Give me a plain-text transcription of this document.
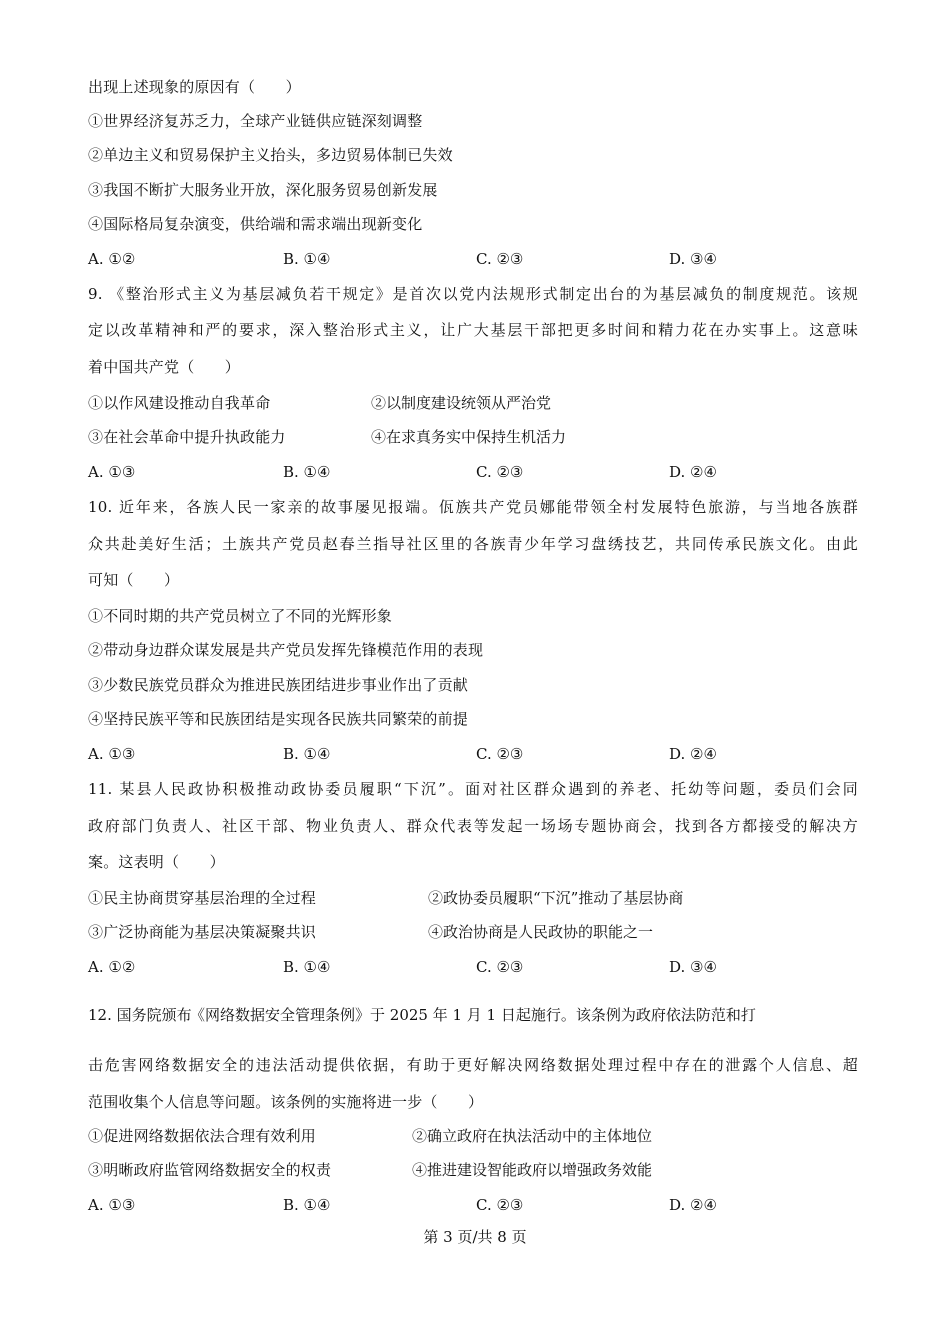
出现上述现象的原因有（　　）
①世界经济复苏乏力，全球产业链供应链深刻调整
②单边主义和贸易保护主义抬头，多边贸易体制已失效
③我国不断扩大服务业开放，深化服务贸易创新发展
④国际格局复杂演变，供给端和需求端出现新变化
A. ①②	B. ①④	C. ②③	D. ③④
9. 《整治形式主义为基层减负若干规定》是首次以党内法规形式制定出台的为基层减负的制度规范。该规
定以改革精神和严的要求，深入整治形式主义，让广大基层干部把更多时间和精力花在办实事上。这意味
着中国共产党（　　）
①以作风建设推动自我革命	②以制度建设统领从严治党
③在社会革命中提升执政能力	④在求真务实中保持生机活力
A. ①③	B. ①④	C. ②③	D. ②④
10. 近年来，各族人民一家亲的故事屡见报端。佤族共产党员娜能带领全村发展特色旅游，与当地各族群
众共赴美好生活；土族共产党员赵春兰指导社区里的各族青少年学习盘绣技艺，共同传承民族文化。由此
可知（　　）
①不同时期的共产党员树立了不同的光辉形象
②带动身边群众谋发展是共产党员发挥先锋模范作用的表现
③少数民族党员群众为推进民族团结进步事业作出了贡献
④坚持民族平等和民族团结是实现各民族共同繁荣的前提
A. ①③	B. ①④	C. ②③	D. ②④
11. 某县人民政协积极推动政协委员履职“下沉”。面对社区群众遇到的养老、托幼等问题，委员们会同
政府部门负责人、社区干部、物业负责人、群众代表等发起一场场专题协商会，找到各方都接受的解决方
案。这表明（　　）
①民主协商贯穿基层治理的全过程	②政协委员履职“下沉”推动了基层协商
③广泛协商能为基层决策凝聚共识	④政治协商是人民政协的职能之一
A. ①②	B. ①④	C. ②③	D. ③④
12. 国务院颁布
《网络数据安全管理条例》于 2025 年 1 月 1 日起施行。该条例为政府依法防范和打
击危害网络数据安全的违法活动提供依据，有助于更好解决网络数据处理过程中存在的泄露个人信息、超
范围收集个人信息等问题。该条例的实施将进一步（　　）
①促进网络数据依法合理有效利用	②确立政府在执法活动中的主体地位
③明晰政府监管网络数据安全的权责	④推进建设智能政府以增强政务效能
A. ①③	B. ①④	C. ②③	D. ②④
第 3 页/共 8 页
